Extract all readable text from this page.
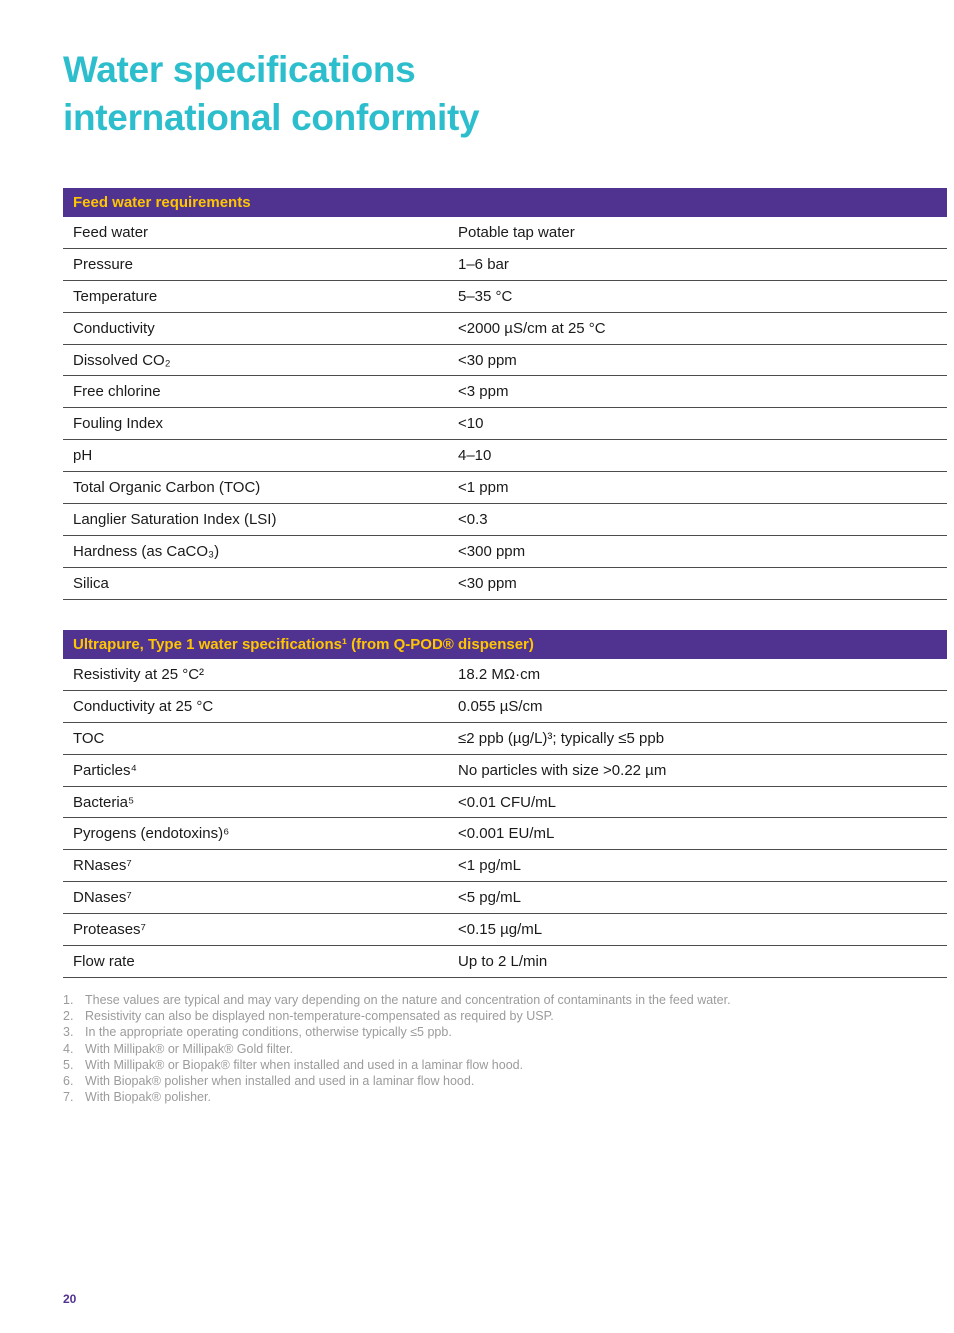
Water specifications
international conformity
Feed water requirements
Feed water	Potable tap water
Pressure	1–6 bar
Temperature	5–35 °C
Conductivity	<2000 µS/cm at 25 °C
Dissolved CO₂	<30 ppm
Free chlorine	<3 ppm
Fouling Index	<10
pH	4–10
Total Organic Carbon (TOC)	<1 ppm
Langlier Saturation Index (LSI)	<0.3
Hardness (as CaCO₃)	<300 ppm
Silica	<30 ppm
Ultrapure, Type 1 water specifications¹ (from Q-POD® dispenser)
Resistivity at 25 °C²	18.2 MΩ·cm
Conductivity at 25 °C	0.055 µS/cm
TOC	≤2 ppb (µg/L)³; typically ≤5 ppb
Particles⁴	No particles with size >0.22 µm
Bacteria⁵	<0.01 CFU/mL
Pyrogens (endotoxins)⁶	<0.001 EU/mL
RNases⁷	<1 pg/mL
DNases⁷	<5 pg/mL
Proteases⁷	<0.15 µg/mL
Flow rate	Up to 2 L/min
1. These values are typical and may vary depending on the nature and concentration of contaminants in the feed water.
2. Resistivity can also be displayed non-temperature-compensated as required by USP.
3. In the appropriate operating conditions, otherwise typically ≤5 ppb.
4. With Millipak® or Millipak® Gold filter.
5. With Millipak® or Biopak® filter when installed and used in a laminar flow hood.
6. With Biopak® polisher when installed and used in a laminar flow hood.
7. With Biopak® polisher.
20
